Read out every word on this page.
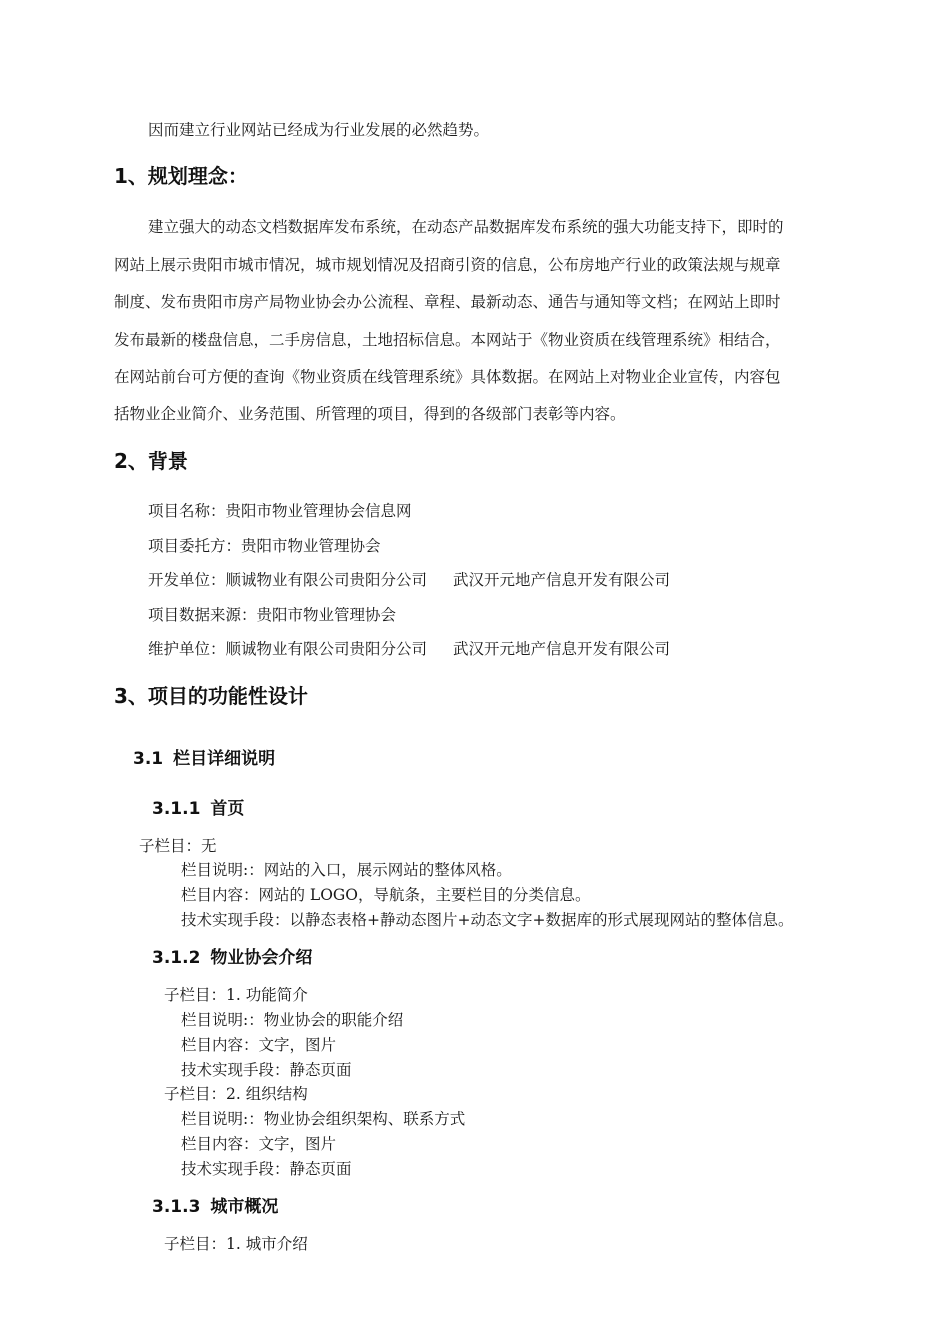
因而建立行业网站已经成为行业发展的必然趋势。
1、规划理念：
建立强大的动态文档数据库发布系统，在动态产品数据库发布系统的强大功能支持下，即时的
网站上展示贵阳市城市情况，城市规划情况及招商引资的信息，公布房地产行业的政策法规与规章
制度、发布贵阳市房产局物业协会办公流程、章程、最新动态、通告与通知等文档；在网站上即时
发布最新的楼盘信息，二手房信息，土地招标信息。本网站于《物业资质在线管理系统》相结合，
在网站前台可方便的查询《物业资质在线管理系统》具体数据。在网站上对物业企业宣传，内容包
括物业企业简介、业务范围、所管理的项目，得到的各级部门表彰等内容。
2、背景
项目名称：贵阳市物业管理协会信息网
项目委托方：贵阳市物业管理协会
开发单位：顺诚物业有限公司贵阳分公司 武汉开元地产信息开发有限公司
项目数据来源：贵阳市物业管理协会
维护单位：顺诚物业有限公司贵阳分公司 武汉开元地产信息开发有限公司
3、项目的功能性设计
3.1 栏目详细说明
3.1.1 首页
子栏目：无
栏目说明:：网站的入口，展示网站的整体风格。
栏目内容：网站的 LOGO，导航条，主要栏目的分类信息。
技术实现手段：以静态表格+静动态图片+动态文字+数据库的形式展现网站的整体信息。
3.1.2 物业协会介绍
子栏目：1. 功能简介
栏目说明:：物业协会的职能介绍
栏目内容：文字，图片
技术实现手段：静态页面
子栏目：2. 组织结构
栏目说明:：物业协会组织架构、联系方式
栏目内容：文字，图片
技术实现手段：静态页面
3.1.3 城市概况
子栏目：1. 城市介绍
